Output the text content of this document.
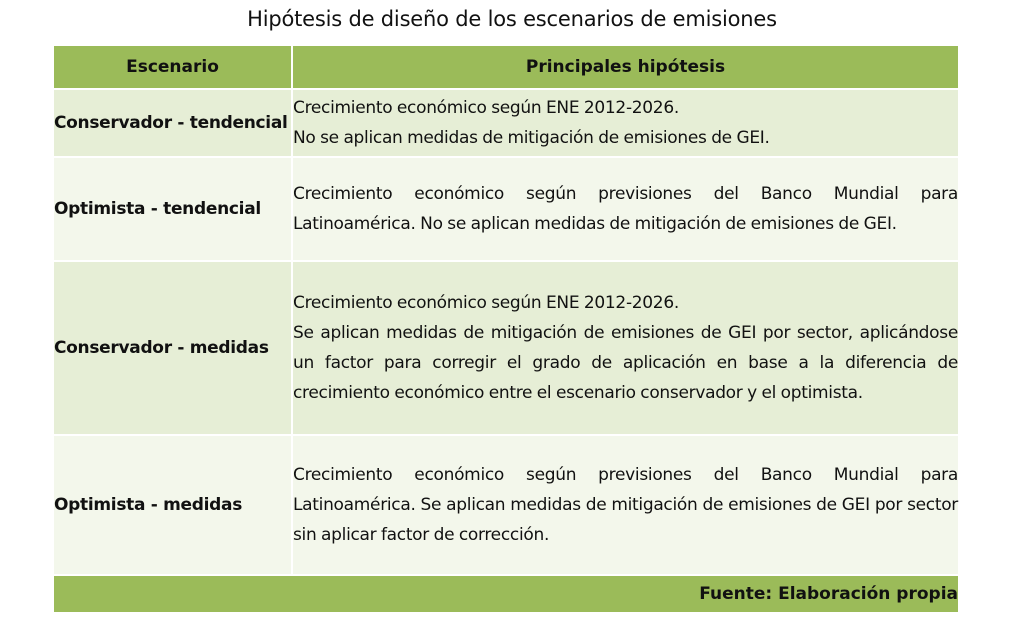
Hipótesis de diseño de los escenarios de emisiones
Escenario	Principales hipótesis
Conservador - tendencial	Crecimiento económico según ENE 2012-2026.

No se aplican medidas de mitigación de emisiones de GEI.

Optimista - tendencial	Crecimiento económico según previsiones del Banco Mundial para Latinoamérica. No se aplican medidas de mitigación de emisiones de GEI.

Conservador - medidas	Crecimiento económico según ENE 2012-2026.

Se aplican medidas de mitigación de emisiones de GEI por sector, aplicándose un factor para corregir el grado de aplicación en base a la diferencia de crecimiento económico entre el escenario conservador y el optimista.

Optimista - medidas	Crecimiento económico según previsiones del Banco Mundial para Latinoamérica. Se aplican medidas de mitigación de emisiones de GEI por sector sin aplicar factor de corrección.

Fuente: Elaboración propia	
